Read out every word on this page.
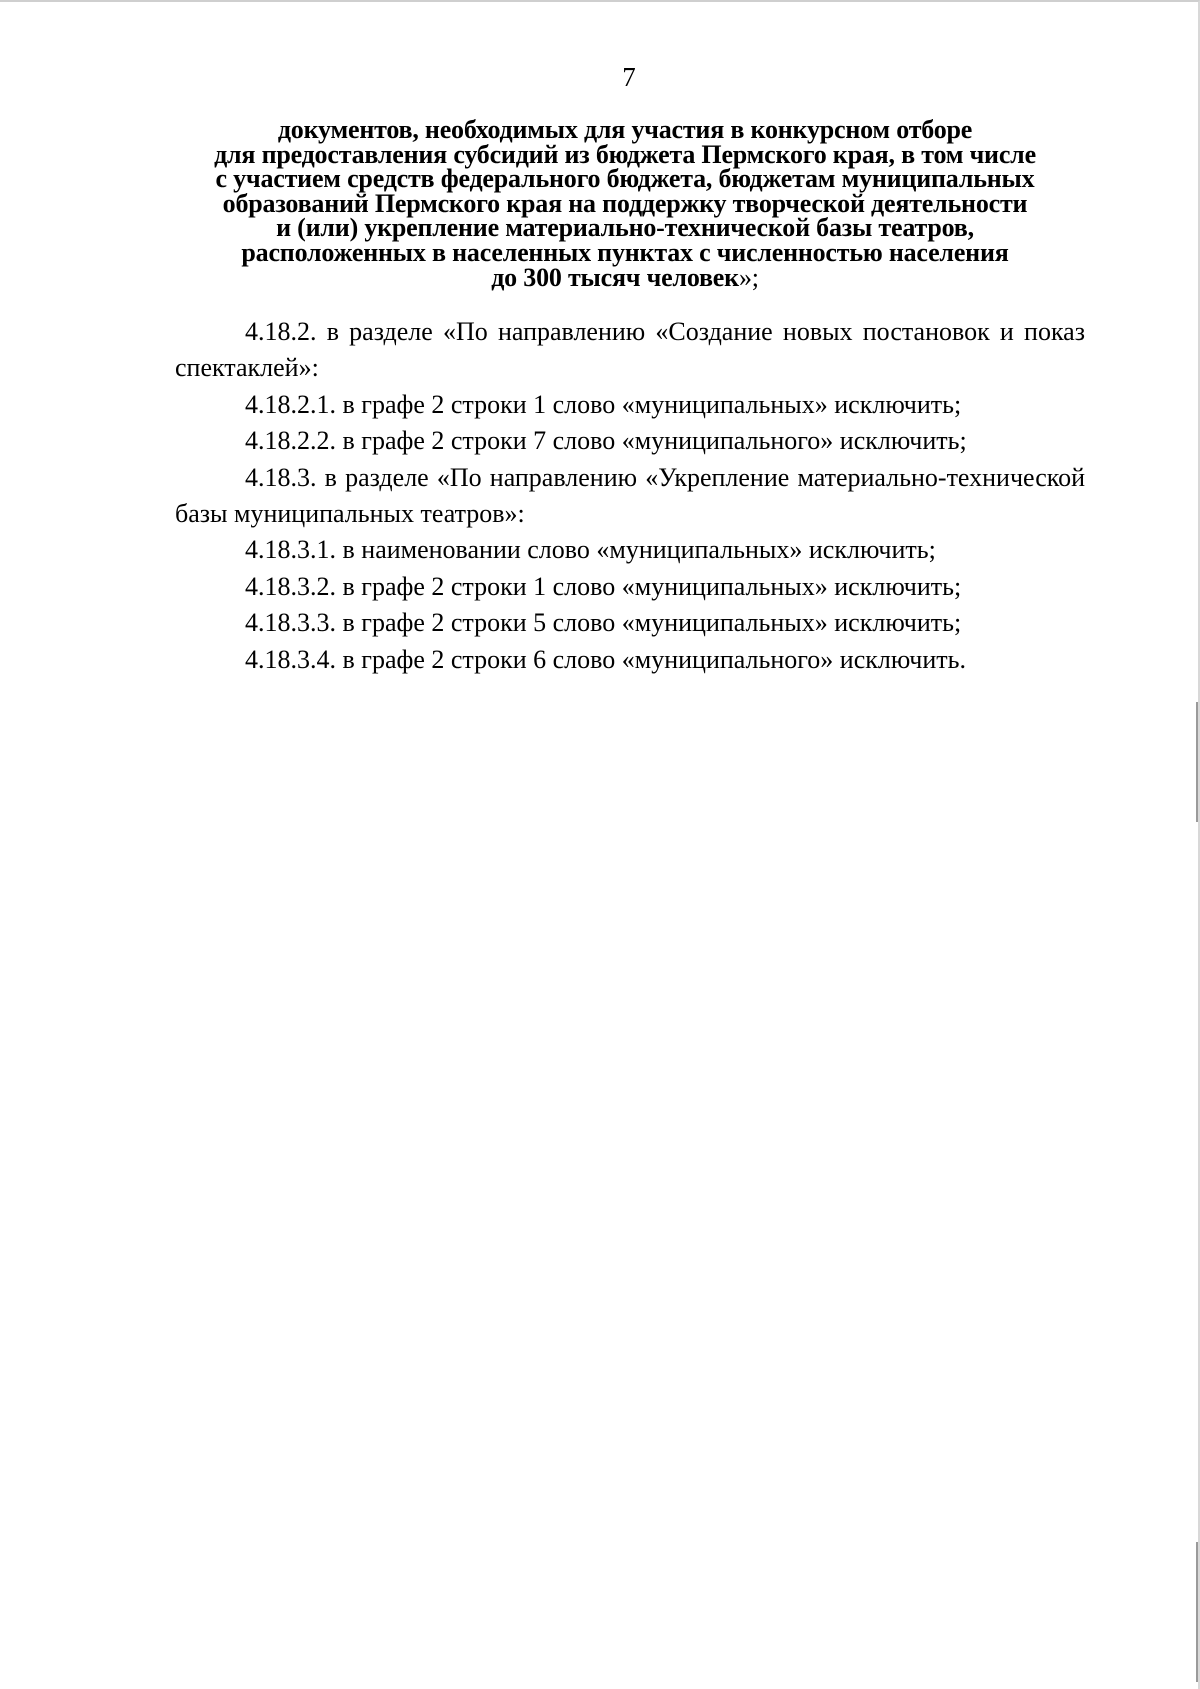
7
документов, необходимых для участия в конкурсном отборе
для предоставления субсидий из бюджета Пермского края, в том числе
с участием средств федерального бюджета, бюджетам муниципальных
образований Пермского края на поддержку творческой деятельности
и (или) укрепление материально-технической базы театров,
расположенных в населенных пунктах с численностью населения
до 300 тысяч человек»;

4.18.2. в разделе «По направлению «Создание новых постановок и показ спектаклей»:

4.18.2.1. в графе 2 строки 1 слово «муниципальных» исключить;

4.18.2.2. в графе 2 строки 7 слово «муниципального» исключить;

4.18.3. в разделе «По направлению «Укрепление материально-технической базы муниципальных театров»:

4.18.3.1. в наименовании слово «муниципальных» исключить;

4.18.3.2. в графе 2 строки 1 слово «муниципальных» исключить;

4.18.3.3. в графе 2 строки 5 слово «муниципальных» исключить;

4.18.3.4. в графе 2 строки 6 слово «муниципального» исключить.
